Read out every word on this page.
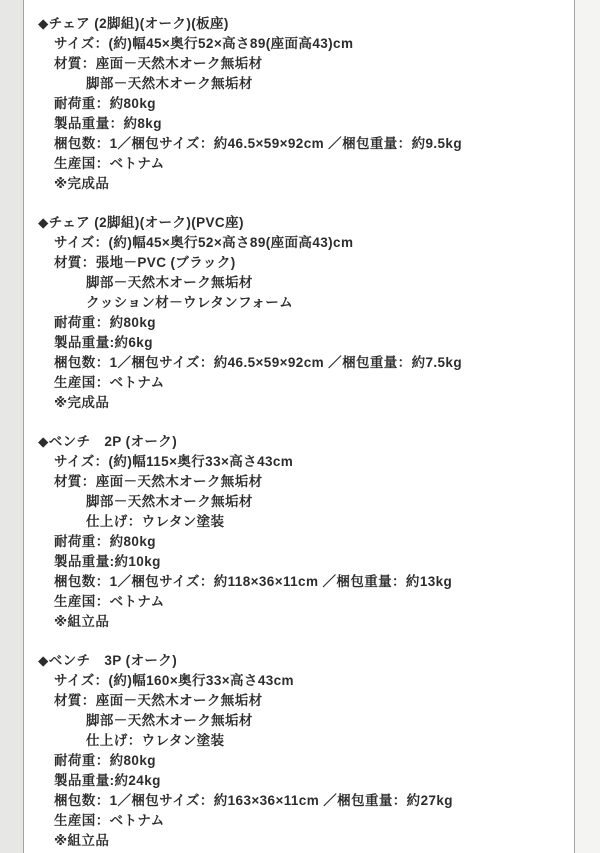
◆チェア (2脚組)(オーク)(板座)

サイズ：(約)幅45×奥行52×高さ89(座面高43)cm

材質：座面－天然木オーク無垢材

脚部－天然木オーク無垢材

耐荷重：約80kg

製品重量：約8kg

梱包数：1／梱包サイズ：約46.5×59×92cm ／梱包重量：約9.5kg

生産国：ベトナム

※完成品

◆チェア (2脚組)(オーク)(PVC座)

サイズ：(約)幅45×奥行52×高さ89(座面高43)cm

材質：張地－PVC (ブラック)

脚部－天然木オーク無垢材

クッション材－ウレタンフォーム

耐荷重：約80kg

製品重量:約6kg

梱包数：1／梱包サイズ：約46.5×59×92cm ／梱包重量：約7.5kg

生産国：ベトナム

※完成品

◆ベンチ　2P (オーク)

サイズ：(約)幅115×奥行33×高さ43cm

材質：座面－天然木オーク無垢材

脚部－天然木オーク無垢材

仕上げ：ウレタン塗装

耐荷重：約80kg

製品重量:約10kg

梱包数：1／梱包サイズ：約118×36×11cm ／梱包重量：約13kg

生産国：ベトナム

※組立品

◆ベンチ　3P (オーク)

サイズ：(約)幅160×奥行33×高さ43cm

材質：座面－天然木オーク無垢材

脚部－天然木オーク無垢材

仕上げ：ウレタン塗装

耐荷重：約80kg

製品重量:約24kg

梱包数：1／梱包サイズ：約163×36×11cm ／梱包重量：約27kg

生産国：ベトナム

※組立品
